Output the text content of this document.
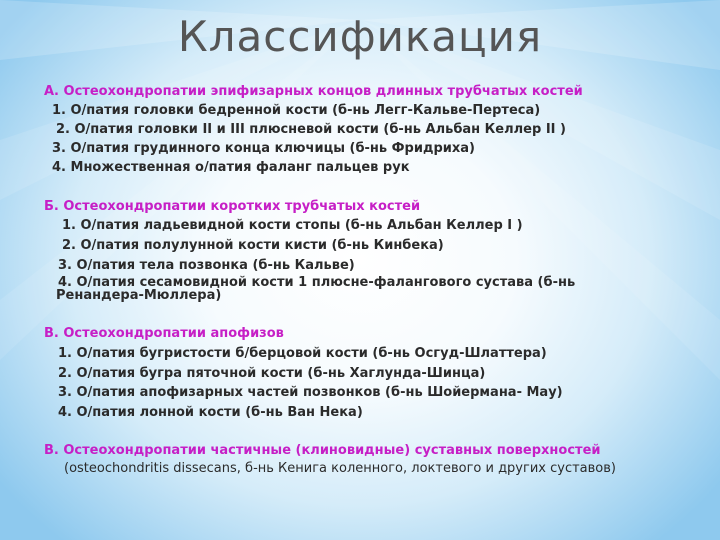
Классификация
А. Остеохондропатии эпифизарных концов длинных трубчатых костей
1. О/патия головки бедренной кости (б-нь Легг-Кальве-Пертеса)
2. О/патия головки II и III плюсневой кости (б-нь Альбан Келлер II )
3. О/патия грудинного конца ключицы (б-нь Фридриха)
4. Множественная о/патия фаланг пальцев рук
Б. Остеохондропатии коротких трубчатых костей
1. О/патия ладьевидной кости стопы (б-нь Альбан Келлер I )
2. О/патия полулунной кости кисти (б-нь Кинбека)
3. О/патия тела позвонка (б-нь Кальве)
4. О/патия сесамовидной кости 1 плюсне-фаланговогo сустава (б-нь Ренандера-Мюллера)
В. Остеохондропатии апофизов
1. О/патия бугристости б/берцовой кости (б-нь Осгуд-Шлаттера)
2. О/патия бугра пяточной кости (б-нь Хаглунда-Шинца)
3. О/патия апофизарных частей позвонков (б-нь Шойермана- Мау)
4. О/патия лонной кости (б-нь Ван Нека)
В. Остеохондропатии частичные (клиновидные) суставных поверхностей
(osteochondritis dissecans, б-нь Кенига коленного, локтевого и других суставов)
